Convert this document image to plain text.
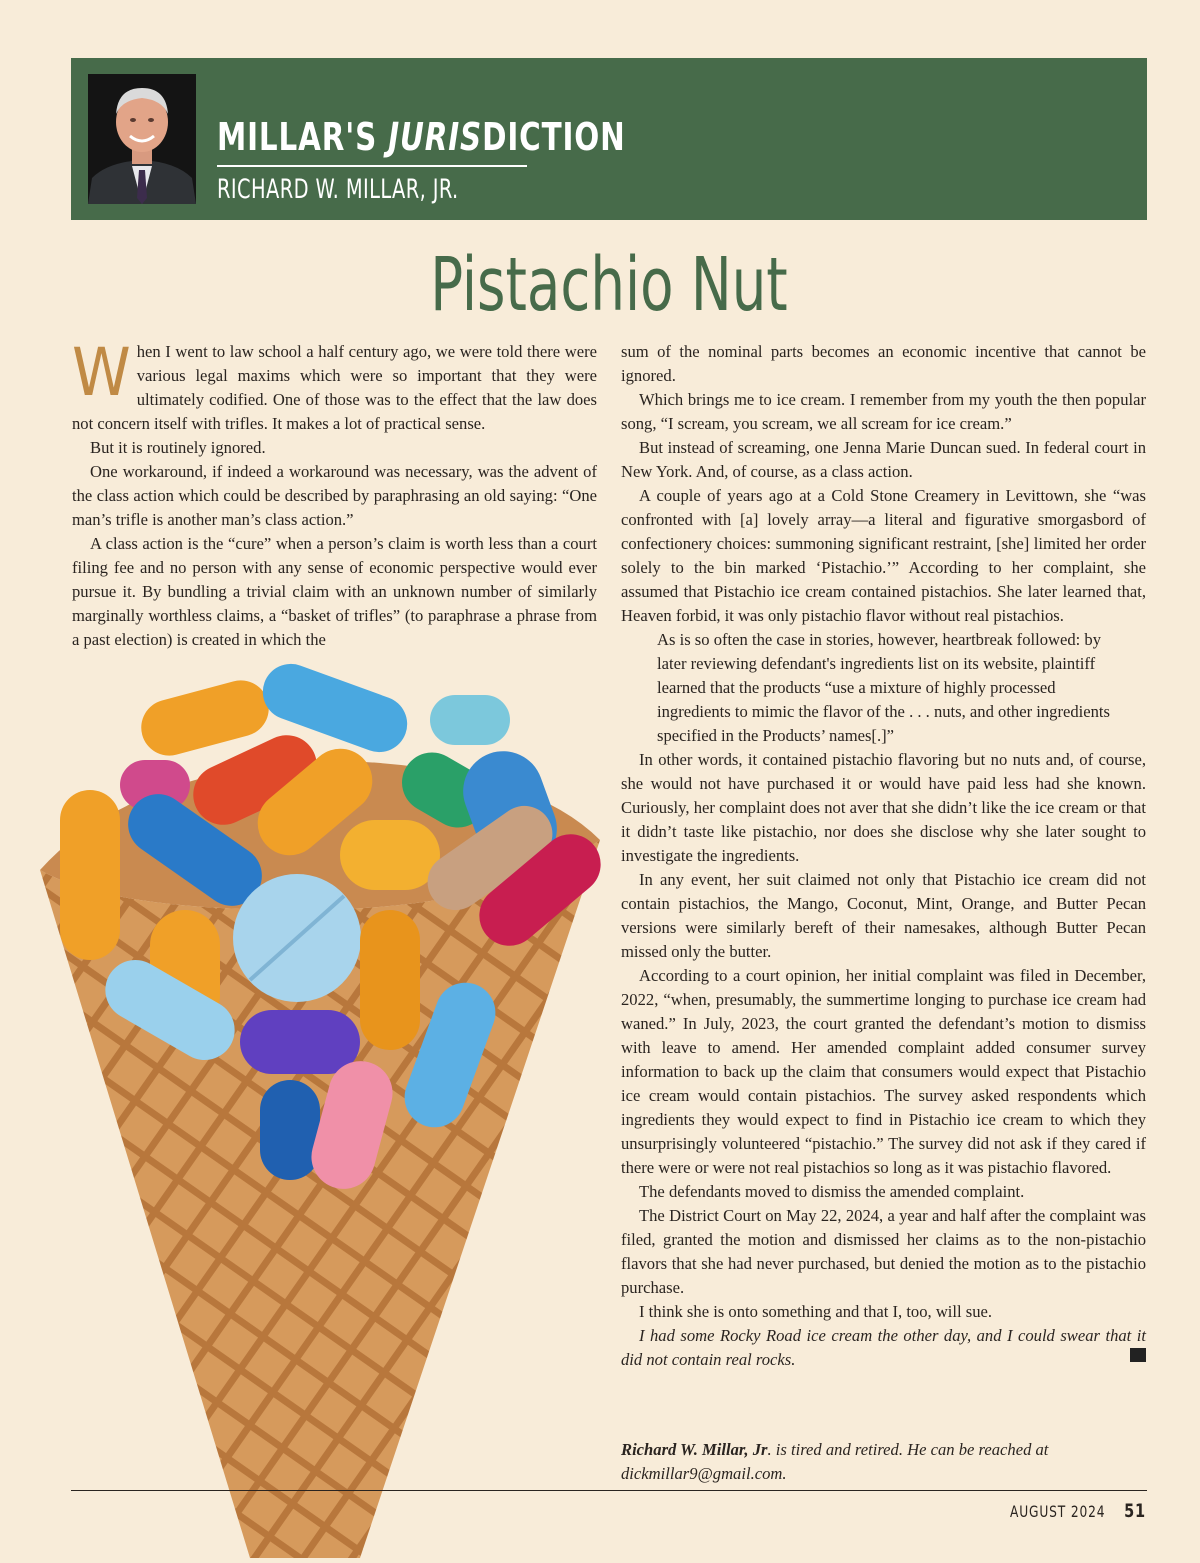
MILLAR'S JURISDICTION
RICHARD W. MILLAR, JR.
Pistachio Nut

When I went to law school a half century ago, we were told there were various legal maxims which were so important that they were ultimately codified. One of those was to the effect that the law does not concern itself with trifles. It makes a lot of practical sense.

But it is routinely ignored.

One workaround, if indeed a workaround was necessary, was the advent of the class action which could be described by paraphrasing an old saying: “One man’s trifle is another man’s class action.”

A class action is the “cure” when a person’s claim is worth less than a court filing fee and no person with any sense of economic perspective would ever pursue it. By bundling a trivial claim with an unknown number of similarly marginally worthless claims, a “basket of trifles” (to paraphrase a phrase from a past election) is created in which the

sum of the nominal parts becomes an economic incentive that cannot be ignored.

Which brings me to ice cream. I remember from my youth the then popular song, “I scream, you scream, we all scream for ice cream.”

But instead of screaming, one Jenna Marie Duncan sued. In federal court in New York. And, of course, as a class action.

A couple of years ago at a Cold Stone Creamery in Levittown, she “was confronted with [a] lovely array—a literal and figurative smorgasbord of confectionery choices: summoning significant restraint, [she] limited her order solely to the bin marked ‘Pistachio.’” According to her complaint, she assumed that Pistachio ice cream contained pistachios. She later learned that, Heaven forbid, it was only pistachio flavor without real pistachios.

As is so often the case in stories, however, heartbreak followed: by later reviewing defendant's ingredients list on its website, plaintiff learned that the products “use a mixture of highly processed ingredients to mimic the flavor of the . . . nuts, and other ingredients specified in the Products’ names[.]”

In other words, it contained pistachio flavoring but no nuts and, of course, she would not have purchased it or would have paid less had she known. Curiously, her complaint does not aver that she didn’t like the ice cream or that it didn’t taste like pistachio, nor does she disclose why she later sought to investigate the ingredients.

In any event, her suit claimed not only that Pistachio ice cream did not contain pistachios, the Mango, Coconut, Mint, Orange, and Butter Pecan versions were similarly bereft of their namesakes, although Butter Pecan missed only the butter.

According to a court opinion, her initial complaint was filed in December, 2022, “when, presumably, the summertime longing to purchase ice cream had waned.” In July, 2023, the court granted the defendant’s motion to dismiss with leave to amend. Her amended complaint added consumer survey information to back up the claim that consumers would expect that Pistachio ice cream would contain pistachios. The survey asked respondents which ingredients they would expect to find in Pistachio ice cream to which they unsurprisingly volunteered “pistachio.” The survey did not ask if they cared if there were or were not real pistachios so long as it was pistachio flavored.

The defendants moved to dismiss the amended complaint.

The District Court on May 22, 2024, a year and half after the complaint was filed, granted the motion and dismissed her claims as to the non-pistachio flavors that she had never purchased, but denied the motion as to the pistachio purchase.

I think she is onto something and that I, too, will sue.

I had some Rocky Road ice cream the other day, and I could swear that it did not contain real rocks.

Richard W. Millar, Jr. is tired and retired. He can be reached at dickmillar9@gmail.com.
AUGUST 2024 51
